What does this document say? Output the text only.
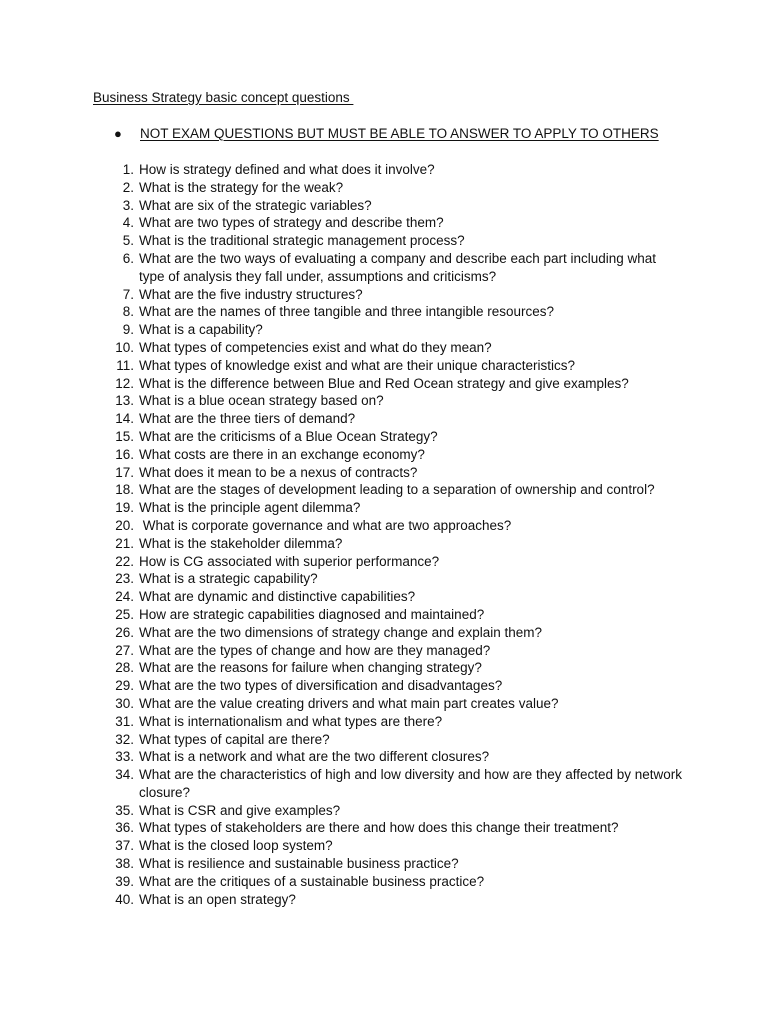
Business Strategy basic concept questions
●	NOT EXAM QUESTIONS BUT MUST BE ABLE TO ANSWER TO APPLY TO OTHERS
1. How is strategy defined and what does it involve?
2. What is the strategy for the weak?
3. What are six of the strategic variables?
4. What are two types of strategy and describe them?
5. What is the traditional strategic management process?
6. What are the two ways of evaluating a company and describe each part including what type of analysis they fall under, assumptions and criticisms?
7. What are the five industry structures?
8. What are the names of three tangible and three intangible resources?
9. What is a capability?
10. What types of competencies exist and what do they mean?
11. What types of knowledge exist and what are their unique characteristics?
12. What is the difference between Blue and Red Ocean strategy and give examples?
13. What is a blue ocean strategy based on?
14. What are the three tiers of demand?
15. What are the criticisms of a Blue Ocean Strategy?
16. What costs are there in an exchange economy?
17. What does it mean to be a nexus of contracts?
18. What are the stages of development leading to a separation of ownership and control?
19. What is the principle agent dilemma?
20. What is corporate governance and what are two approaches?
21. What is the stakeholder dilemma?
22. How is CG associated with superior performance?
23. What is a strategic capability?
24. What are dynamic and distinctive capabilities?
25. How are strategic capabilities diagnosed and maintained?
26. What are the two dimensions of strategy change and explain them?
27. What are the types of change and how are they managed?
28. What are the reasons for failure when changing strategy?
29. What are the two types of diversification and disadvantages?
30. What are the value creating drivers and what main part creates value?
31. What is internationalism and what types are there?
32. What types of capital are there?
33. What is a network and what are the two different closures?
34. What are the characteristics of high and low diversity and how are they affected by network closure?
35. What is CSR and give examples?
36. What types of stakeholders are there and how does this change their treatment?
37. What is the closed loop system?
38. What is resilience and sustainable business practice?
39. What are the critiques of a sustainable business practice?
40. What is an open strategy?
